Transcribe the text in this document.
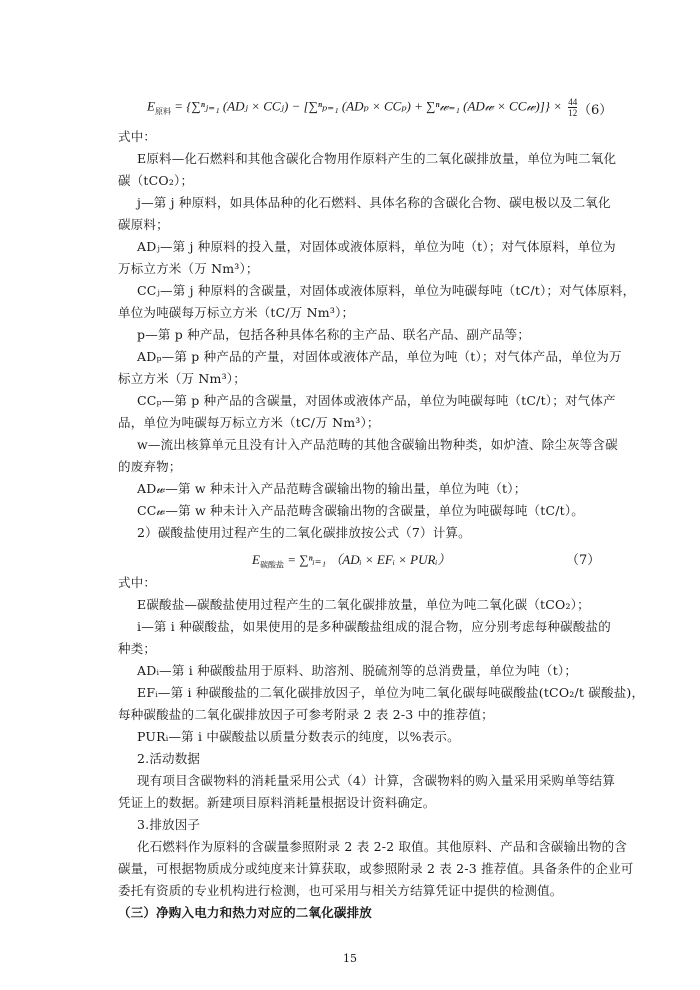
$E_{原料}$ = {∑ⁿⱼ₌₁ (ADⱼ × CCⱼ) − [∑ⁿₚ₌₁ (ADₚ × CCₚ) + ∑ⁿ𝓌₌₁ (AD𝓌 × CC𝓌)]} × $\frac{44}{12} (6)$
式中：
E原料—化石燃料和其他含碳化合物用作原料产生的二氧化碳排放量，单位为吨二氧化
碳（tCO₂）；
j—第 j 种原料，如具体品种的化石燃料、具体名称的含碳化合物、碳电极以及二氧化
碳原料；
ADⱼ—第 j 种原料的投入量，对固体或液体原料，单位为吨（t）；对气体原料，单位为
万标立方米（万 Nm³）；
CCⱼ—第 j 种原料的含碳量，对固体或液体原料，单位为吨碳每吨（tC/t）；对气体原料，
单位为吨碳每万标立方米（tC/万 Nm³）；
p—第 p 种产品，包括各种具体名称的主产品、联名产品、副产品等；
ADₚ—第 p 种产品的产量，对固体或液体产品，单位为吨（t）；对气体产品，单位为万
标立方米（万 Nm³）；
CCₚ—第 p 种产品的含碳量，对固体或液体产品，单位为吨碳每吨（tC/t）；对气体产
品，单位为吨碳每万标立方米（tC/万 Nm³）；
w—流出核算单元且没有计入产品范畴的其他含碳输出物种类，如炉渣、除尘灰等含碳
的废弃物；
AD𝓌—第 w 种未计入产品范畴含碳输出物的输出量，单位为吨（t）；
CC𝓌—第 w 种未计入产品范畴含碳输出物的含碳量，单位为吨碳每吨（tC/t）。
2）碳酸盐使用过程产生的二氧化碳排放按公式（7）计算。
$E_{碳酸盐}$ = ∑ⁿᵢ₌₁ （ADᵢ × EFᵢ × PURᵢ）	（7）
式中：
E碳酸盐—碳酸盐使用过程产生的二氧化碳排放量，单位为吨二氧化碳（tCO₂）；
i—第 i 种碳酸盐，如果使用的是多种碳酸盐组成的混合物，应分别考虑每种碳酸盐的
种类；
ADᵢ—第 i 种碳酸盐用于原料、助溶剂、脱硫剂等的总消费量，单位为吨（t）；
EFᵢ—第 i 种碳酸盐的二氧化碳排放因子，单位为吨二氧化碳每吨碳酸盐(tCO₂/t 碳酸盐)，
每种碳酸盐的二氧化碳排放因子可参考附录 2 表 2-3 中的推荐值；
PURᵢ—第 i 中碳酸盐以质量分数表示的纯度，以%表示。
2.活动数据
现有项目含碳物料的消耗量采用公式（4）计算，含碳物料的购入量采用采购单等结算
凭证上的数据。新建项目原料消耗量根据设计资料确定。
3.排放因子
化石燃料作为原料的含碳量参照附录 2 表 2-2 取值。其他原料、产品和含碳输出物的含
碳量，可根据物质成分或纯度来计算获取，或参照附录 2 表 2-3 推荐值。具备条件的企业可
委托有资质的专业机构进行检测，也可采用与相关方结算凭证中提供的检测值。
（三）净购入电力和热力对应的二氧化碳排放
15
